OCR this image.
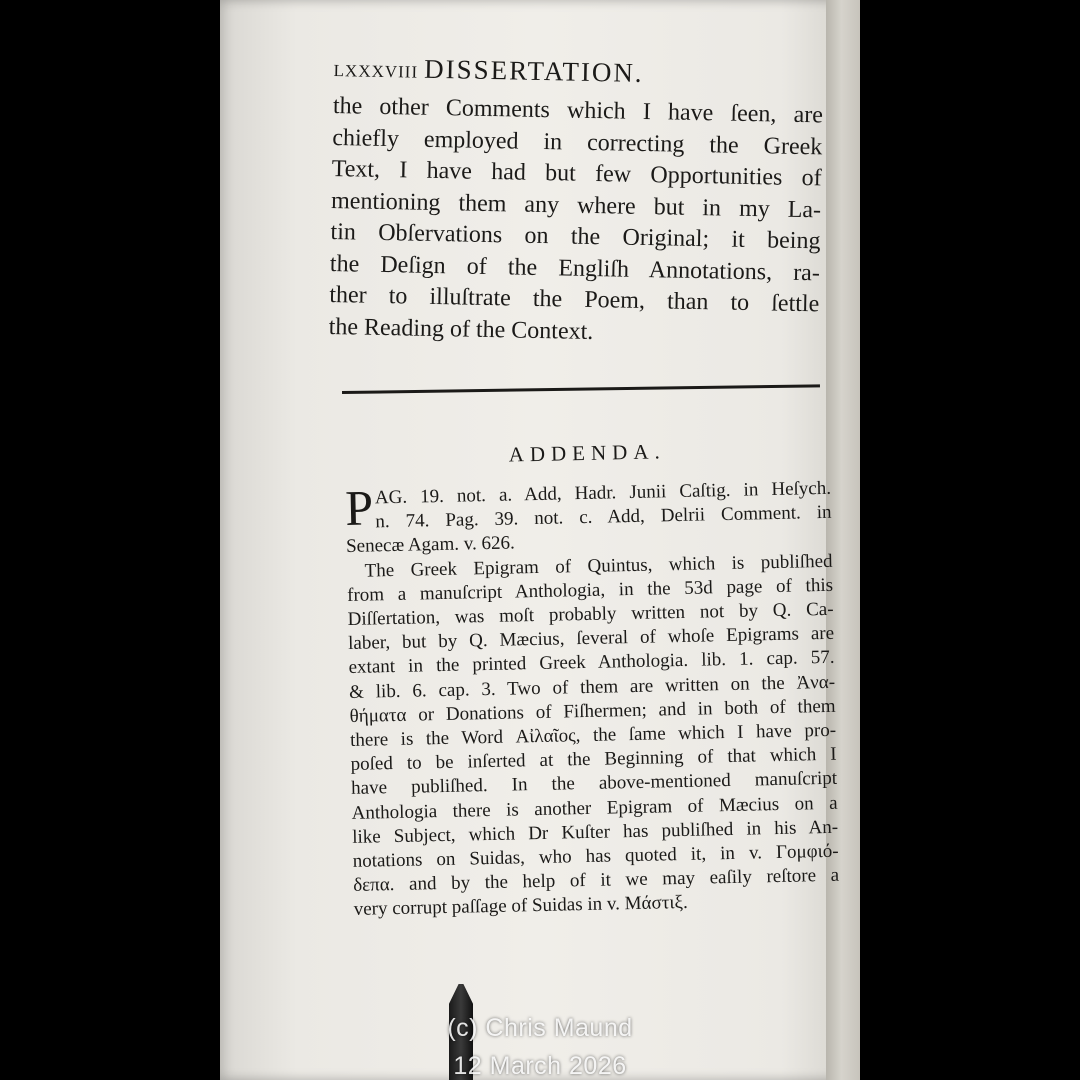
LXXXVIII DISSERTATION.

the other Comments which I have ſeen, are
chiefly employed in correcting the Greek
Text, I have had but few Opportunities of
mentioning them any where but in my La-
tin Obſervations on the Original; it being
the Deſign of the Engliſh Annotations, ra-
ther to illuſtrate the Poem, than to ſettle
the Reading of the Context.

ADDENDA.
P AG. 19. not. a. Add, Hadr. Junii Caſtig. in Heſych.
n. 74. Pag. 39. not. c. Add, Delrii Comment. in
Senecæ Agam. v. 626.
The Greek Epigram of Quintus, which is publiſhed
from a manuſcript Anthologia, in the 53d page of this
Diſſertation, was moſt probably written not by Q. Ca-
laber, but by Q. Mæcius, ſeveral of whoſe Epigrams are
extant in the printed Greek Anthologia. lib. 1. cap. 57.
& lib. 6. cap. 3. Two of them are written on the Ἀνα-
θήματα or Donations of Fiſhermen; and in both of them
there is the Word Αἰλαῖος, the ſame which I have pro-
poſed to be inſerted at the Beginning of that which I
have publiſhed. In the above-mentioned manuſcript
Anthologia there is another Epigram of Mæcius on a
like Subject, which Dr Kuſter has publiſhed in his An-
notations on Suidas, who has quoted it, in v. Γομφιό-
δεπα. and by the help of it we may eaſily reſtore a
very corrupt paſſage of Suidas in v. Μάστιξ.
(c) Chris Maund
12 March 2026
